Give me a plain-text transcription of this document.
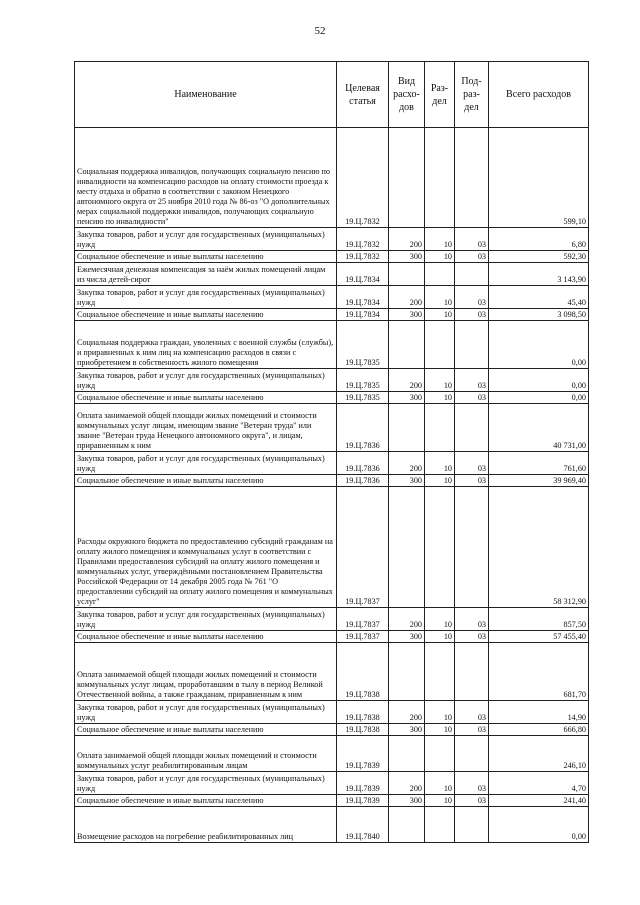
52
Наименование	Целевая статья	Вид расхо-дов	Раз-дел	Под-раз-дел	Всего расходов
Социальная поддержка инвалидов, получающих социальную пенсию по инвалидности на компенсацию расходов на оплату стоимости проезда к месту отдыха и обратно в соответствии с законом Ненецкого автономного округа от 25 ноября 2010 года № 86-оз "О дополнительных мерах социальной поддержки инвалидов, получающих социальную пенсию по инвалидности"	19.Ц.7832				599,10
Закупка товаров, работ и услуг для государственных (муниципальных) нужд	19.Ц.7832	200	10	03	6,80
Социальное обеспечение и иные выплаты населению	19.Ц.7832	300	10	03	592,30
Ежемесячная денежная компенсация за наём жилых помещений лицам из числа детей-сирот	19.Ц.7834				3 143,90
Закупка товаров, работ и услуг для государственных (муниципальных) нужд	19.Ц.7834	200	10	03	45,40
Социальное обеспечение и иные выплаты населению	19.Ц.7834	300	10	03	3 098,50
Социальная поддержка граждан, уволенных с военной службы (службы), и приравненных к ним лиц на компенсацию расходов в связи с приобретением в собственность жилого помещения	19.Ц.7835				0,00
Закупка товаров, работ и услуг для государственных (муниципальных) нужд	19.Ц.7835	200	10	03	0,00
Социальное обеспечение и иные выплаты населению	19.Ц.7835	300	10	03	0,00
Оплата занимаемой общей площади жилых помещений и стоимости коммунальных услуг лицам, имеющим звание "Ветеран труда" или звание "Ветеран труда Ненецкого автономного округа", и лицам, приравненным к ним	19.Ц.7836				40 731,00
Закупка товаров, работ и услуг для государственных (муниципальных) нужд	19.Ц.7836	200	10	03	761,60
Социальное обеспечение и иные выплаты населению	19.Ц.7836	300	10	03	39 969,40
Расходы окружного бюджета по предоставлению субсидий гражданам на оплату жилого помещения и коммунальных услуг в соответствии с Правилами предоставления субсидий на оплату жилого помещения и коммунальных услуг, утверждёнными постановлением Правительства Российской Федерации от 14 декабря 2005 года № 761 "О предоставлении субсидий на оплату жилого помещения и коммунальных услуг"	19.Ц.7837				58 312,90
Закупка товаров, работ и услуг для государственных (муниципальных) нужд	19.Ц.7837	200	10	03	857,50
Социальное обеспечение и иные выплаты населению	19.Ц.7837	300	10	03	57 455,40
Оплата занимаемой общей площади жилых помещений и стоимости коммунальных услуг лицам, проработавшим в тылу в период Великой Отечественной войны, а также гражданам, приравненным к ним	19.Ц.7838				681,70
Закупка товаров, работ и услуг для государственных (муниципальных) нужд	19.Ц.7838	200	10	03	14,90
Социальное обеспечение и иные выплаты населению	19.Ц.7838	300	10	03	666,80
Оплата занимаемой общей площади жилых помещений и стоимости коммунальных услуг реабилитированным лицам	19.Ц.7839				246,10
Закупка товаров, работ и услуг для государственных (муниципальных) нужд	19.Ц.7839	200	10	03	4,70
Социальное обеспечение и иные выплаты населению	19.Ц.7839	300	10	03	241,40
Возмещение расходов на погребение реабилитированных лиц	19.Ц.7840				0,00
